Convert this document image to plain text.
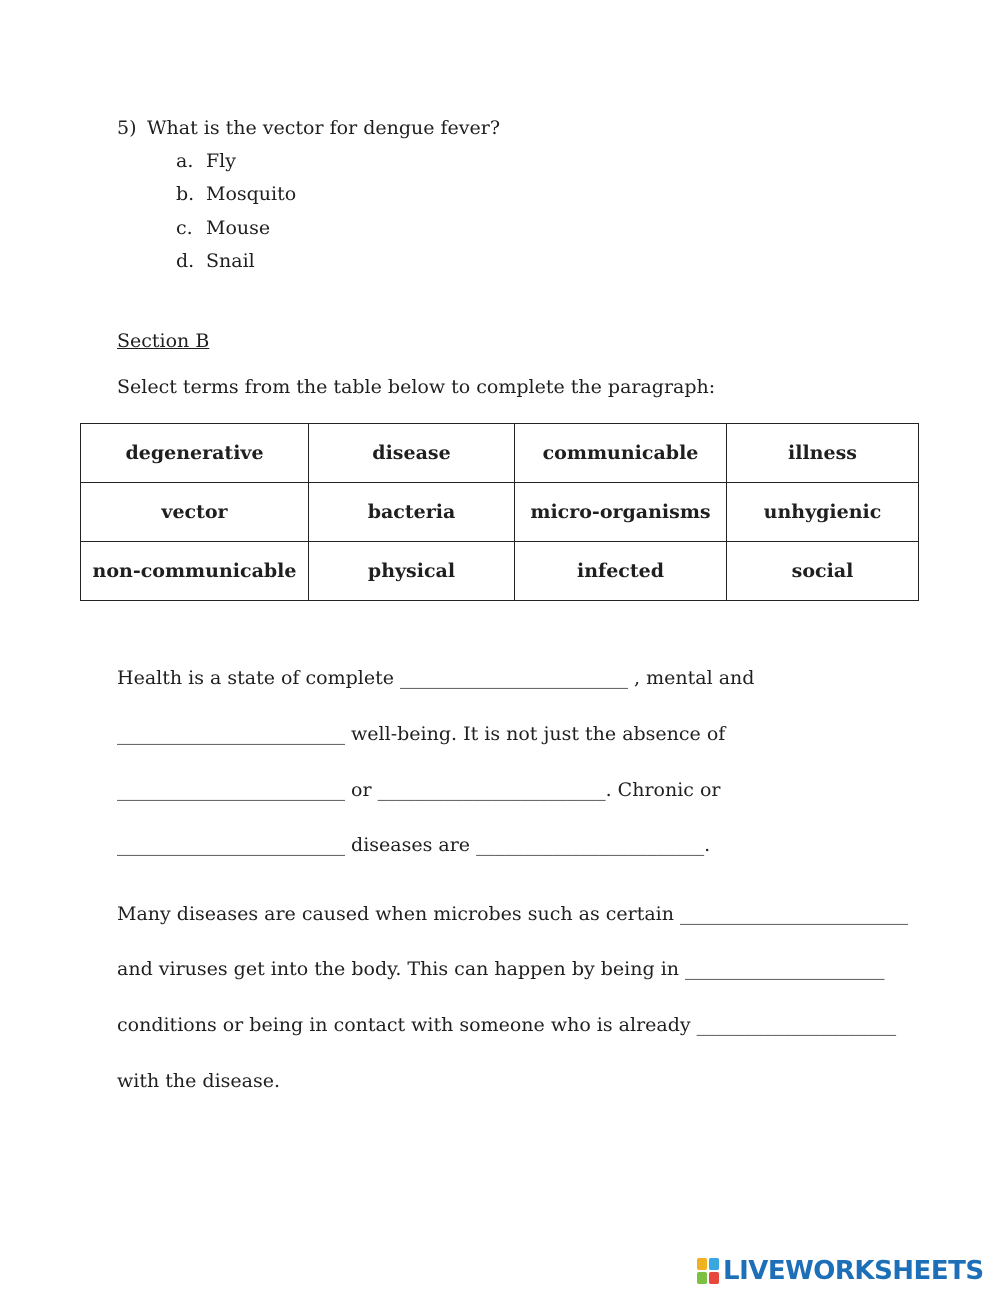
5) What is the vector for dengue fever?
a. Fly
b. Mosquito
c. Mouse
d. Snail
Section B
Select terms from the table below to complete the paragraph:
degenerative	disease	communicable	illness
vector	bacteria	micro-organisms	unhygienic
non-communicable	physical	infected	social
Health is a state of complete ________________________ , mental and
________________________ well-being. It is not just the absence of
________________________ or ________________________. Chronic or
________________________ diseases are ________________________.
Many diseases are caused when microbes such as certain ________________________
and viruses get into the body. This can happen by being in _____________________
conditions or being in contact with someone who is already _____________________
with the disease.
LIVEWORKSHEETS
